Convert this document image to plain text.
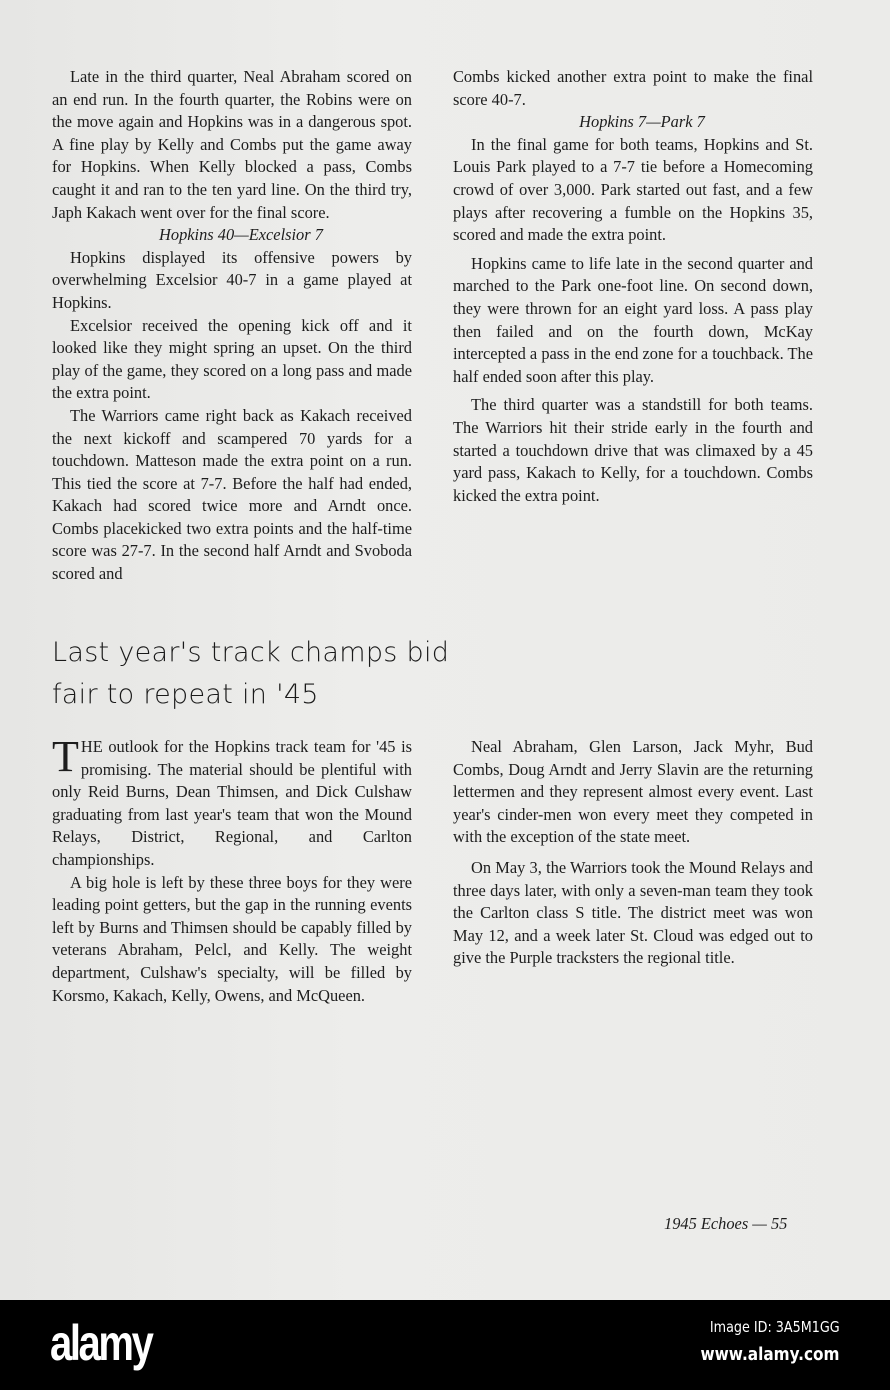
Late in the third quarter, Neal Abraham scored on an end run. In the fourth quarter, the Robins were on the move again and Hopkins was in a dangerous spot. A fine play by Kelly and Combs put the game away for Hopkins. When Kelly blocked a pass, Combs caught it and ran to the ten yard line. On the third try, Japh Kakach went over for the final score.

Hopkins 40—Excelsior 7

Hopkins displayed its offensive powers by overwhelming Excelsior 40-7 in a game played at Hopkins.

Excelsior received the opening kick off and it looked like they might spring an upset. On the third play of the game, they scored on a long pass and made the extra point.

The Warriors came right back as Kakach received the next kickoff and scampered 70 yards for a touchdown. Matteson made the extra point on a run. This tied the score at 7-7. Before the half had ended, Kakach had scored twice more and Arndt once. Combs placekicked two extra points and the half-time score was 27-7. In the second half Arndt and Svoboda scored and

Combs kicked another extra point to make the final score 40-7.

Hopkins 7—Park 7

In the final game for both teams, Hopkins and St. Louis Park played to a 7-7 tie before a Homecoming crowd of over 3,000. Park started out fast, and a few plays after recovering a fumble on the Hopkins 35, scored and made the extra point.

Hopkins came to life late in the second quarter and marched to the Park one-foot line. On second down, they were thrown for an eight yard loss. A pass play then failed and on the fourth down, McKay intercepted a pass in the end zone for a touchback. The half ended soon after this play.

The third quarter was a standstill for both teams. The Warriors hit their stride early in the fourth and started a touchdown drive that was climaxed by a 45 yard pass, Kakach to Kelly, for a touchdown. Combs kicked the extra point.

Last year's track champs bid
fair to repeat in '45

THE outlook for the Hopkins track team for '45 is promising. The material should be plentiful with only Reid Burns, Dean Thimsen, and Dick Culshaw graduating from last year's team that won the Mound Relays, District, Regional, and Carlton championships.

A big hole is left by these three boys for they were leading point getters, but the gap in the running events left by Burns and Thimsen should be capably filled by veterans Abraham, Pelcl, and Kelly. The weight department, Culshaw's specialty, will be filled by Korsmo, Kakach, Kelly, Owens, and McQueen.

Neal Abraham, Glen Larson, Jack Myhr, Bud Combs, Doug Arndt and Jerry Slavin are the returning lettermen and they represent almost every event. Last year's cinder-men won every meet they competed in with the exception of the state meet.

On May 3, the Warriors took the Mound Relays and three days later, with only a seven-man team they took the Carlton class S title. The district meet was won May 12, and a week later St. Cloud was edged out to give the Purple tracksters the regional title.

1945 Echoes — 55
alamy	Image ID: 3A5M1GG
www.alamy.com
